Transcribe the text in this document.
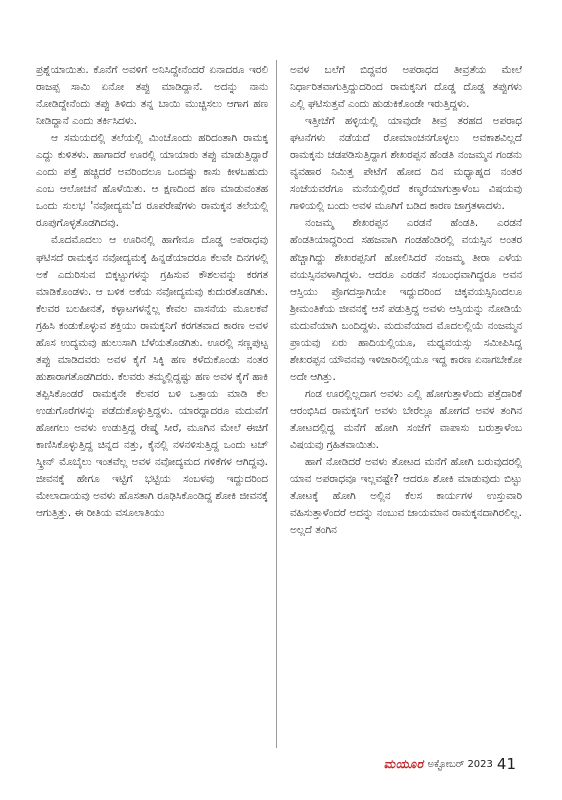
ಪ್ರಶ್ನೆಯಾಯಿತು. ಕೊನೆಗೆ ಅವಳಿಗೆ ಅನಿಸಿದ್ದೇನೆಂದರೆ ಏನಾದರೂ ಇರಲಿ ರಾಜಪ್ಪ ಸಾಮಿ ಏನೋ ತಪ್ಪು ಮಾಡಿದ್ದಾನೆ. ಅದನ್ನು ನಾನು ನೋಡಿದ್ದೇನೆಂದು ತಪ್ಪು ತಿಳಿದು ತನ್ನ ಬಾಯಿ ಮುಚ್ಚಿಸಲು ಆಗಾಗ ಹಣ ನೀಡಿದ್ದಾನೆ ಎಂದು ತರ್ಕಿಸಿದಳು.

ಆ ಸಮಯದಲ್ಲಿ ತಲೆಯಲ್ಲಿ ಮಿಂಚೊಂದು ಹರಿದಂತಾಗಿ ರಾಮಕ್ಕ ಎದ್ದು ಕುಳಿತಳು. ಹಾಗಾದರೆ ಊರಲ್ಲಿ ಯಾಯಾರು ತಪ್ಪು ಮಾಡುತ್ತಿದ್ದಾರೆ ಎಂದು ಪತ್ತೆ ಹಚ್ಚಿದರೆ ಅವರಿಂದಲೂ ಒಂದಷ್ಟು ಕಾಸು ಕೀಳಬಹುದು ಎಂಬ ಆಲೋಚನೆ ಹೊಳೆಯಿತು. ಆ ಕ್ಷಣದಿಂದ ಹಣ ಮಾಡುವಂತಹ ಒಂದು ಸುಲಭ 'ನವೋದ್ಯಮ'ದ ರೂಪರೇಷೆಗಳು ರಾಮಕ್ಕನ ತಲೆಯಲ್ಲಿ ರೂಪುಗೊಳ್ಳತೊಡಗಿದವು.

ಮೊದಮೊದಲು ಆ ಊರಿನಲ್ಲಿ ಹಾಗೇನೂ ದೊಡ್ಡ ಅಪರಾಧವು ಘಟಿಸದೆ ರಾಮಕ್ಕನ ನವೋದ್ಯಮಕ್ಕೆ ಹಿನ್ನಡೆಯಾದರೂ ಕೆಲವೇ ದಿನಗಳಲ್ಲಿ ಅಕೆ ಎದುರಿಸುವ ಬಿಕ್ಕಟ್ಟುಗಳನ್ನು ಗ್ರಹಿಸುವ ಕೌಶಲವನ್ನು ಕರಗತ ಮಾಡಿಕೊಂಡಳು. ಆ ಬಳಿಕ ಅಕೆಯ ನವೋದ್ಯಮವು ಕುದುರತೊಡಗಿತು. ಕೆಲವರ ಬಲಹೀನತೆ, ಕಳ್ಳಾಟಗಳನ್ನೆಲ್ಲ ಕೇವಲ ವಾಸನೆಯ ಮೂಲಕವೆ ಗ್ರಹಿಸಿ ಕಂಡುಕೊಳ್ಳುವ ಶಕ್ತಿಯು ರಾಮಕ್ಕನಿಗೆ ಕರಗತವಾದ ಕಾರಣ ಅವಳ ಹೊಸ ಉದ್ಯಮವು ಹುಲುಸಾಗಿ ಬೆಳೆಯತೊಡಗಿತು. ಊರಲ್ಲಿ ಸಣ್ಣಪುಟ್ಟ ತಪ್ಪು ಮಾಡಿದವರು ಅವಳ ಕೈಗೆ ಸಿಕ್ಕಿ ಹಣ ಕಳೆದುಕೊಂಡು ನಂತರ ಹುಶಾರಾಗತೊಡಗಿದರು. ಕೆಲವರು ತಮ್ಮಲ್ಲಿದ್ದಷ್ಟು ಹಣ ಅವಳ ಕೈಗೆ ಹಾಕಿ ತಪ್ಪಿಸಿಕೊಂಡರೆ ರಾಮಕ್ಕನೇ ಕೆಲವರ ಬಳಿ ಒತ್ತಾಯ ಮಾಡಿ ಕೆಲ ಉಡುಗೊರೆಗಳನ್ನು ಪಡೆದುಕೊಳ್ಳುತ್ತಿದ್ದಳು. ಯಾರದ್ದಾದರೂ ಮದುವೆಗೆ ಹೋಗಲು ಅವಳು ಉಡುತ್ತಿದ್ದ ರೇಷ್ಮೆ ಸೀರೆ, ಮೂಗಿನ ಮೇಲೆ ಈಚಿಗೆ ಕಾಣಿಸಿಕೊಳ್ಳುತ್ತಿದ್ದ ಚಿನ್ನದ ನತ್ತು, ಕೈನಲ್ಲಿ ನಳನಳಿಸುತ್ತಿದ್ದ ಒಂದು ಟಚ್ ಸ್ಕ್ರೀನ್ ಮೊಬೈಲು ಇಂತವೆಲ್ಲ ಅವಳ ನವೋದ್ಯಮದ ಗಳಿಕೆಗಳ ಆಗಿದ್ದವು. ಜೀವನಕ್ಕೆ ಹೇಗೂ ಇಟ್ಟಿಗೆ ಭಟ್ಟಿಯ ಸಂಬಳವು ಇದ್ದುದರಿಂದ ಮೇಲಾದಾಯವು ಅವಳು ಹೊಸತಾಗಿ ರೂಢಿಸಿಕೊಂಡಿದ್ದ ಶೋಕಿ ಜೀವನಕ್ಕೆ ಆಗುತ್ತಿತ್ತು. ಈ ರೀತಿಯ ವಸೂಲಾತಿಯು

ಅವಳ ಬಲೆಗೆ ಬಿದ್ದವರ ಅಪರಾಧದ ತೀವ್ರತೆಯ ಮೇಲೆ ನಿರ್ಧಾರಿತವಾಗುತ್ತಿದ್ದುದರಿಂದ ರಾಮಕ್ಕನಿಗ ದೊಡ್ಡ ದೊಡ್ಡ ತಪ್ಪುಗಳು ಎಲ್ಲಿ ಘಟಿಸುತ್ತವೆ ಎಂದು ಹುಡುಕಿಕೊಂಡೇ ಇರುತ್ತಿದ್ದಳು.

ಇತ್ತೀಚೆಗೆ ಹಳ್ಳಿಯಲ್ಲಿ ಯಾವುದೇ ತೀವ್ರ ತರಹದ ಅಪರಾಧ ಘಟನೆಗಳು ನಡೆಯದೆ ರೋಮಾಂಚನಗೊಳ್ಳಲು ಅವಕಾಶವಿಲ್ಲದೆ ರಾಮಕ್ಕನು ಚಡಪಡಿಸುತ್ತಿದ್ದಾಗ ಶೇಖರಪ್ಪನ ಹೆಂಡತಿ ನಂಜಮ್ಮನ ಗಂಡನು ವ್ಯವಹಾರ ನಿಮಿತ್ತ ಪೇಟೆಗೆ ಹೋದ ದಿನ ಮಧ್ಯಾಹ್ನದ ನಂತರ ಸಂಜೆಯವರೆಗೂ ಮನೆಯಲ್ಲಿರದೆ ಕಣ್ಮರೆಯಾಗುತ್ತಾಳೆಂಬ ವಿಷಯವು ಗಾಳಿಯಲ್ಲಿ ಬಂದು ಅವಳ ಮೂಗಿಗೆ ಬಡಿದ ಕಾರಣ ಜಾಗ್ರತಳಾದಳು.

ನಂಜಮ್ಮ ಶೇಖರಪ್ಪನ ಎರಡನೆ ಹೆಂಡತಿ. ಎರಡನೆ ಹೆಂಡತಿಯಾದ್ದರಿಂದ ಸಹಜವಾಗಿ ಗಂಡಹೆಂಡಿರಲ್ಲಿ ವಯಸ್ಸಿನ ಅಂತರ ಹೆಚ್ಚಾಗಿದ್ದು ಶೇಖರಪ್ಪನಿಗೆ ಹೋಲಿಸಿದರೆ ನಂಜಮ್ಮ ತೀರಾ ಎಳೆಯ ವಯಸ್ಸಿನವಳಾಗಿದ್ದಳು. ಆದರೂ ಎರಡನೆ ಸಂಬಂಧವಾಗಿದ್ದರೂ ಅವನ ಆಸ್ತಿಯು ಪ್ರೊಗದಸ್ತಾಗಿಯೇ ಇದ್ದುದರಿಂದ ಚಿಕ್ಕವಯಸ್ಸಿನಿಂದಲೂ ಶ್ರೀಮಂತಿಕೆಯ ಜೀವನಕ್ಕೆ ಆಸೆ ಪಡುತ್ತಿದ್ದ ಅವಳು ಆಸ್ತಿಯನ್ನು ನೋಡಿಯೆ ಮದುವೆಯಾಗಿ ಬಂದಿದ್ದಳು. ಮದುವೆಯಾದ ಮೊದಲಲ್ಲಿಯೆ ನಂಜಮ್ಮನ ಪ್ರಾಯವು ಏರು ಹಾದಿಯಲ್ಲಿಯೂ, ಮಧ್ಯವಯಸ್ಸು ಸಮೀಪಿಸಿದ್ದ ಶೇಖರಪ್ಪನ ಯೌವನವು ಇಳಿಜಾರಿನಲ್ಲಿಯೂ ಇದ್ದ ಕಾರಣ ಏನಾಗಬೇಕೋ ಅದೇ ಆಗಿತ್ತು.

ಗಂಡ ಊರಲ್ಲಿಲ್ಲದಾಗ ಅವಳು ಎಲ್ಲಿ ಹೋಗುತ್ತಾಳೆಂದು ಪತ್ತೆದಾರಿಕೆ ಆರಂಭಿಸಿದ ರಾಮಕ್ಕನಿಗೆ ಅವಳು ಬೇರೆಲ್ಲೂ ಹೋಗದೆ ಅವಳ ತಂಗಿನ ತೋಟದಲ್ಲಿದ್ದ ಮನೆಗೆ ಹೋಗಿ ಸಂಜೆಗೆ ವಾಪಾಸು ಬರುತ್ತಾಳೆಂಬ ವಿಷಯವು ಗ್ರಹಿತವಾಯಿತು.

ಹಾಗೆ ನೋಡಿದರೆ ಅವಳು ತೋಟದ ಮನೆಗೆ ಹೋಗಿ ಬರುವುದರಲ್ಲಿ ಯಾವ ಅಪರಾಧವೂ ಇಲ್ಲವಷ್ಟೇ? ಆದರೂ ಶೋಕಿ ಮಾಡುವುದು ಬಿಟ್ಟು ತೋಟಕ್ಕೆ ಹೋಗಿ ಅಲ್ಲಿನ ಕೆಲಸ ಕಾರ್ಯಗಳ ಉಸ್ತುವಾರಿ ವಹಿಸುತ್ತಾಳೆಂದರೆ ಅದನ್ನು ನಂಬುವ ಜಾಯಮಾನ ರಾಮಕ್ಕನದಾಗಿರಲಿಲ್ಲ. ಅಲ್ಲದೆ ತಂಗಿನ

ಮಯೂರ ಅಕ್ಟೋಬರ್ 2023 41
